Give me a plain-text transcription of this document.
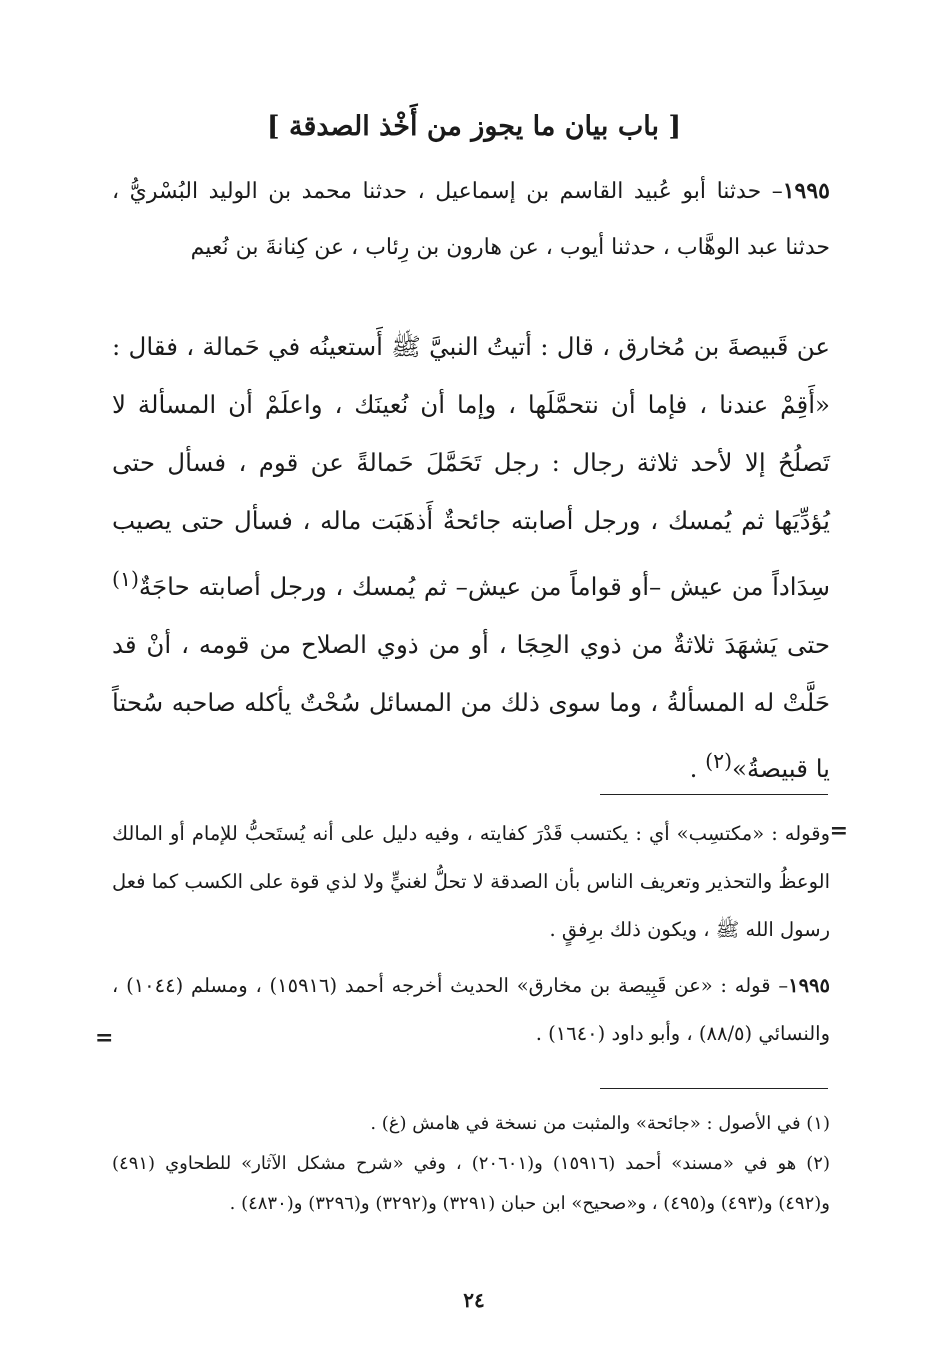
[ باب بيان ما يجوز من أَخْذ الصدقة ]
١٩٩٥– حدثنا أبو عُبيد القاسم بن إسماعيل ، حدثنا محمد بن الوليد البُسْريُّ ، حدثنا عبد الوهَّاب ، حدثنا أيوب ، عن هارون بن رِئاب ، عن كِنانةَ بن نُعيم
عن قَبيصةَ بن مُخارق ، قال : أتيتُ النبيَّ ﷺ أَستعينُه في حَمالة ، فقال : «أَقِمْ عندنا ، فإما أن نتحمَّلَها ، وإما أن نُعينَك ، واعلَمْ أن المسألة لا تَصلُحُ إلا لأحد ثلاثة رجال : رجل تَحَمَّلَ حَمالةً عن قوم ، فسأل حتى يُؤدِّيَها ثم يُمسك ، ورجل أصابته جائحةٌ أَذهَبَت ماله ، فسأل حتى يصيب سِدَاداً من عيش –أو قواماً من عيش– ثم يُمسك ، ورجل أصابته حاجَةٌ$^{(١)}$ حتى يَشهَدَ ثلاثةٌ من ذوي الحِجَا ، أو من ذوي الصلاح من قومه ، أنْ قد حَلَّتْ له المسألةُ ، وما سوى ذلك من المسائل سُحْتٌ يأكله صاحبه سُحتاً يا قبيصةُ»$^{(٢)}$ .
=
وقوله : «مكتسِب» أي : يكتسب قَدْرَ كفايته ، وفيه دليل على أنه يُستَحبُّ للإمام أو المالك الوعظُ والتحذير وتعريف الناس بأن الصدقة لا تحلُّ لغنيٍّ ولا لذي قوة على الكسب كما فعل رسول الله ﷺ ، ويكون ذلك برِفقٍ .
١٩٩٥– قوله : «عن قَبِيصة بن مخارق» الحديث أخرجه أحمد (١٥٩١٦) ، ومسلم (١٠٤٤) ، والنسائي (٨٨/٥) ، وأبو داود (١٦٤٠) .
=
(١) في الأصول : «جائحة» والمثبت من نسخة في هامش (غ) .
(٢) هو في «مسند» أحمد (١٥٩١٦) و(٢٠٦٠١) ، وفي «شرح مشكل الآثار» للطحاوي (٤٩١) و(٤٩٢) و(٤٩٣) و(٤٩٥) ، و«صحيح» ابن حبان (٣٢٩١) و(٣٢٩٢) و(٣٢٩٦) و(٤٨٣٠) .
٢٤
